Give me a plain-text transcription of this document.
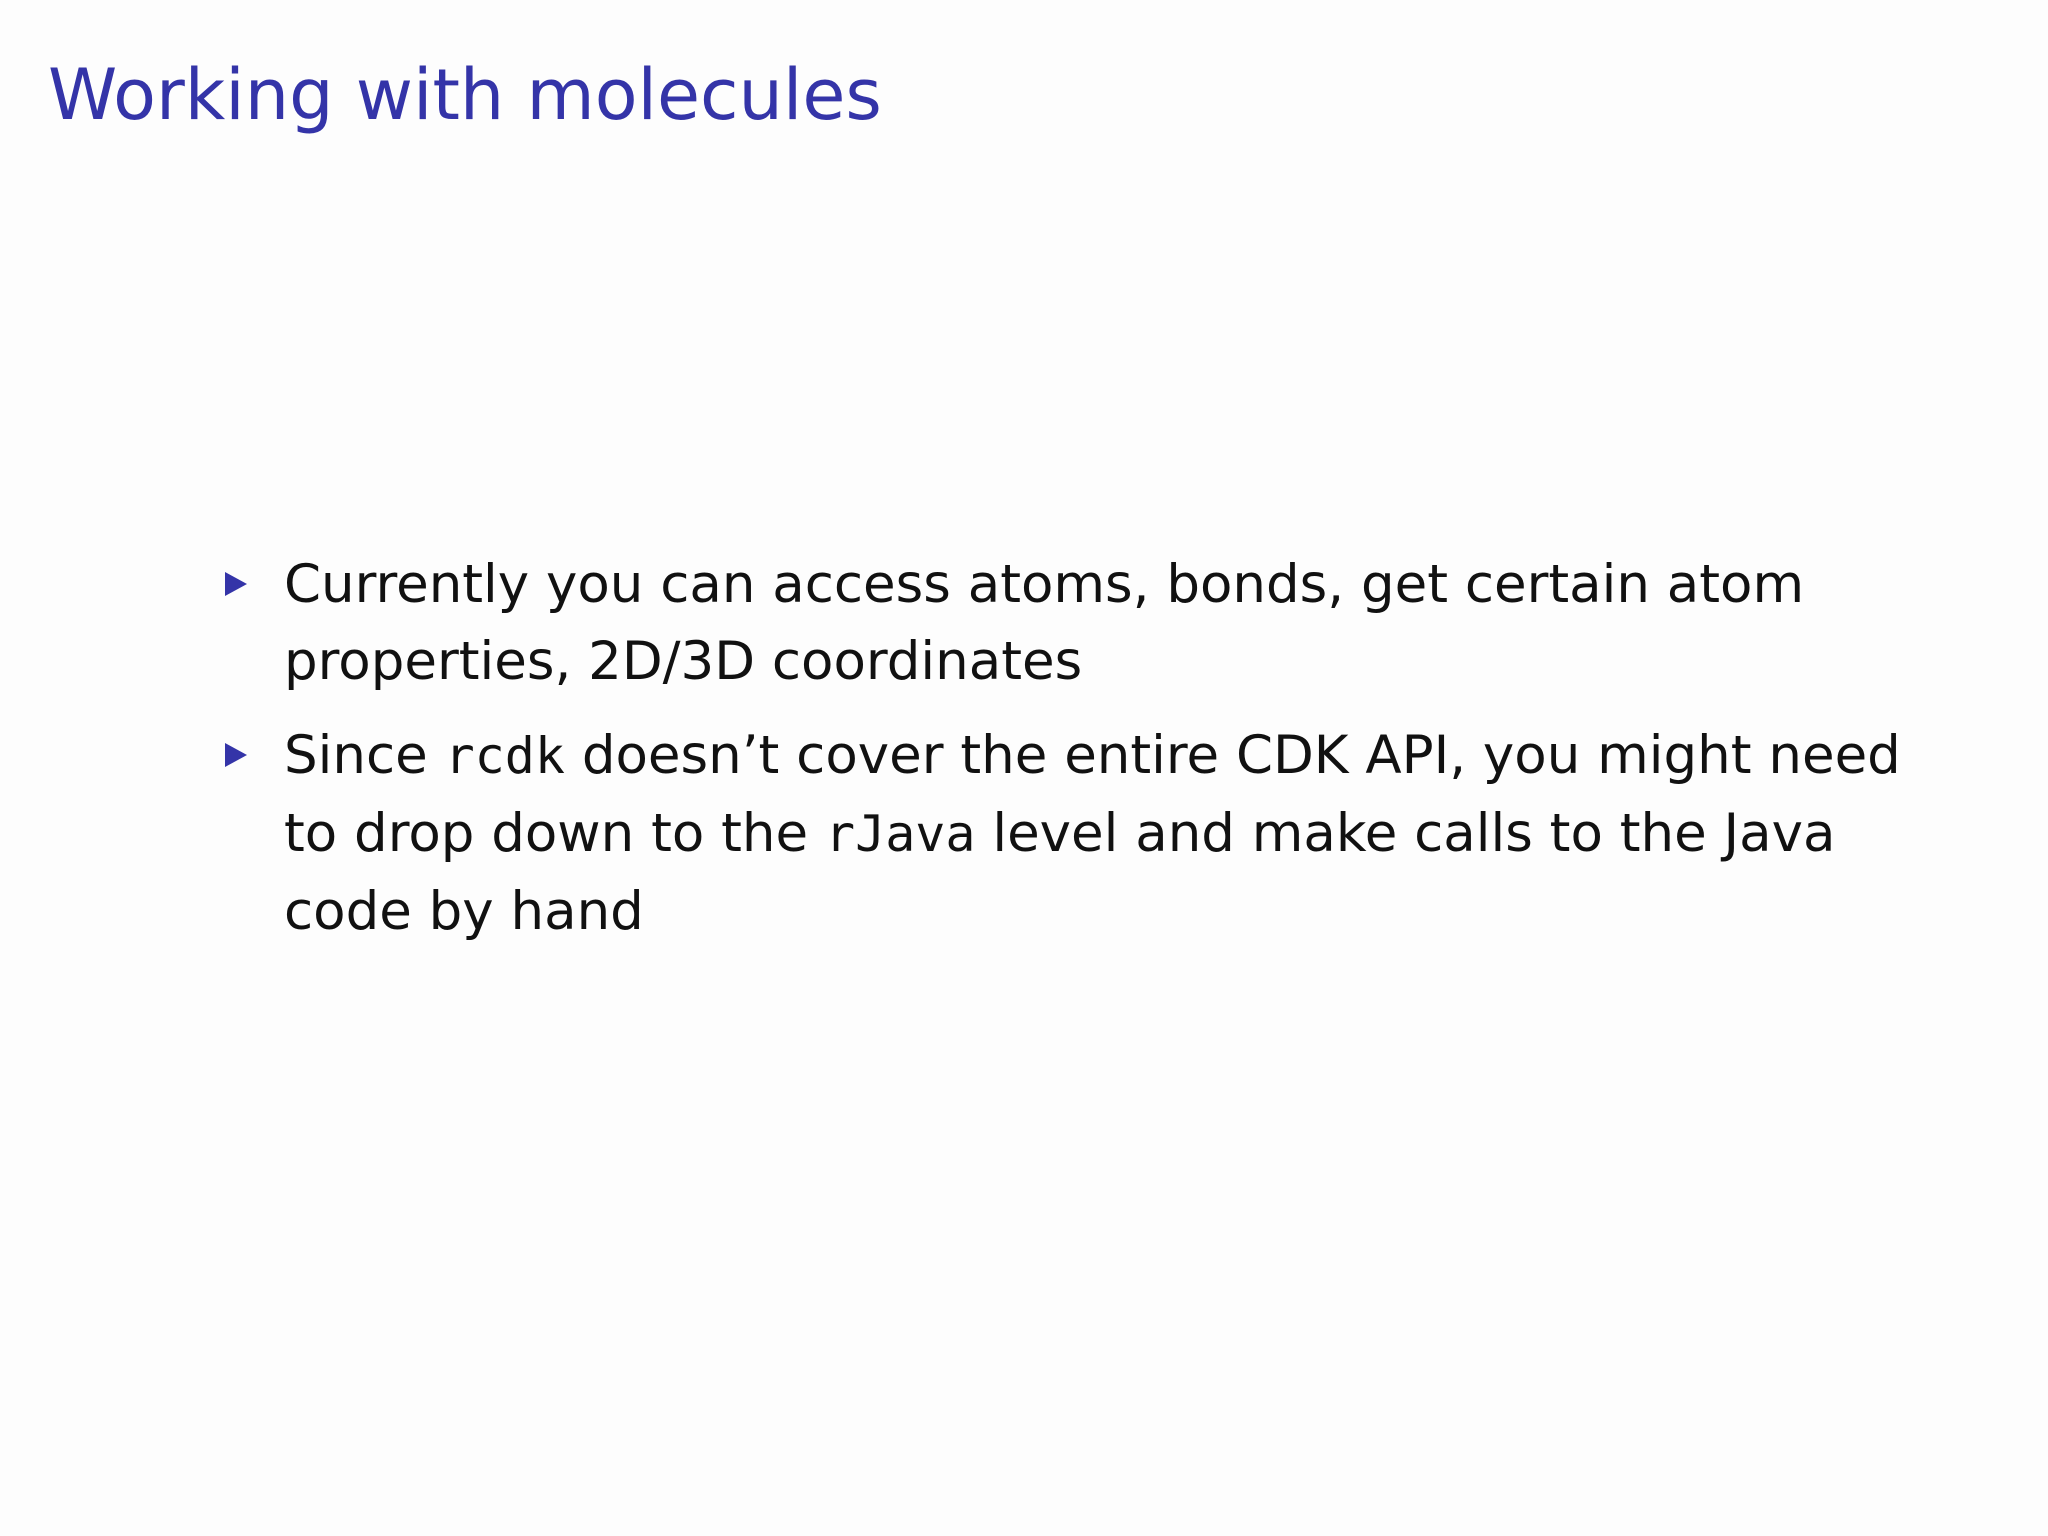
Working with molecules
Currently you can access atoms, bonds, get certain atom properties, 2D/3D coordinates
Since rcdk doesn’t cover the entire CDK API, you might need to drop down to the rJava level and make calls to the Java code by hand
